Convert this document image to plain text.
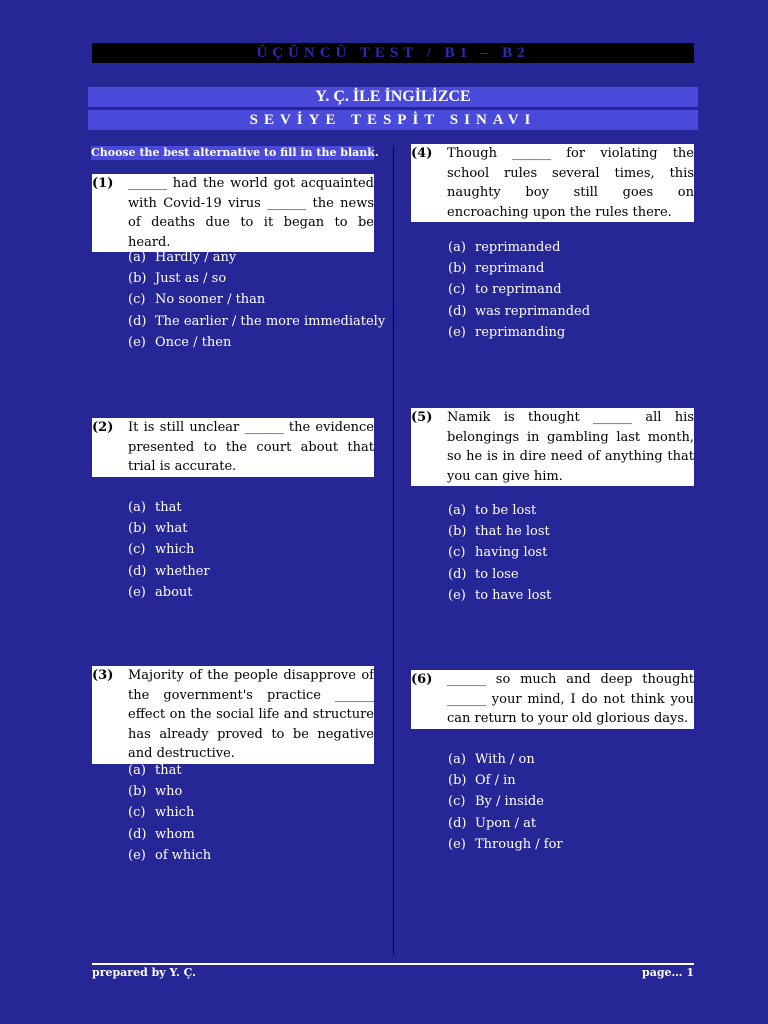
ÜÇÜNCÜ TEST / B1 – B2
Y. Ç. İLE İNGİLİZCE
SEVİYE TESPİT SINAVI
Choose the best alternative to fill in the blank.
(1) ______ had the world got acquainted with Covid-19 virus ______ the news of deaths due to it began to be heard.
(a) Hardly / any
(b) Just as / so
(c) No sooner / than
(d) The earlier / the more immediately
(e) Once / then
(2) It is still unclear ______ the evidence presented to the court about that trial is accurate.
(a) that
(b) what
(c) which
(d) whether
(e) about
(3) Majority of the people disapprove of the government's practice ______ effect on the social life and structure has already proved to be negative and destructive.
(a) that
(b) who
(c) which
(d) whom
(e) of which
(4) Though ______ for violating the school rules several times, this naughty boy still goes on encroaching upon the rules there.
(a) reprimanded
(b) reprimand
(c) to reprimand
(d) was reprimanded
(e) reprimanding
(5) Namik is thought ______ all his belongings in gambling last month, so he is in dire need of anything that you can give him.
(a) to be lost
(b) that he lost
(c) having lost
(d) to lose
(e) to have lost
(6) ______ so much and deep thought ______ your mind, I do not think you can return to your old glorious days.
(a) With / on
(b) Of / in
(c) By / inside
(d) Upon / at
(e) Through / for
prepared by Y. Ç.	page… 1
